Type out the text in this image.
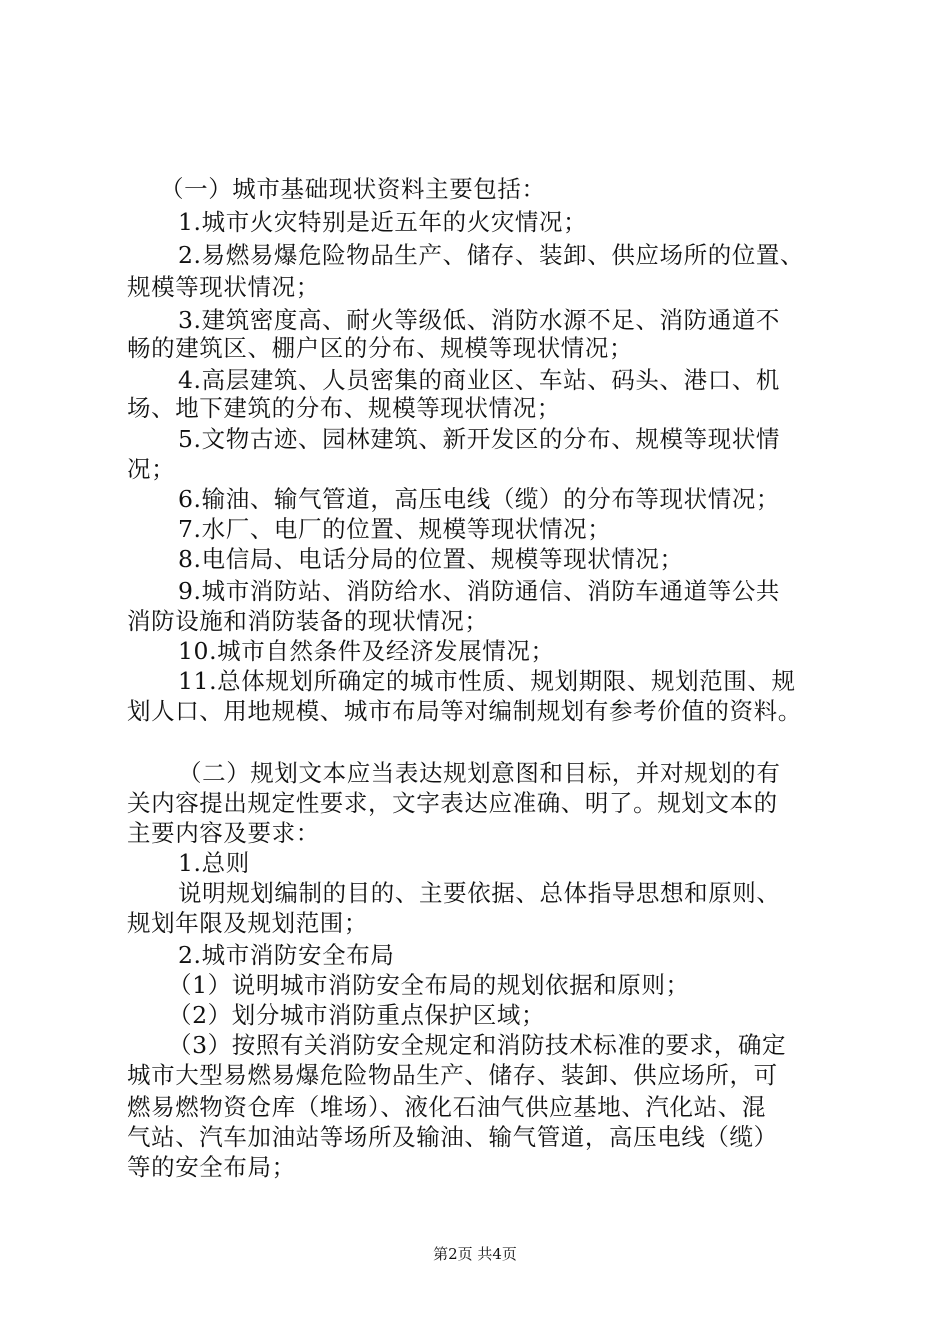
（一）城市基础现状资料主要包括：
1.城市火灾特别是近五年的火灾情况；
2.易燃易爆危险物品生产、储存、装卸、供应场所的位置、
规模等现状情况；
3.建筑密度高、耐火等级低、消防水源不足、消防通道不
畅的建筑区、棚户区的分布、规模等现状情况；
4.高层建筑、人员密集的商业区、车站、码头、港口、机
场、地下建筑的分布、规模等现状情况；
5.文物古迹、园林建筑、新开发区的分布、规模等现状情
况；
6.输油、输气管道，高压电线（缆）的分布等现状情况；
7.水厂、电厂的位置、规模等现状情况；
8.电信局、电话分局的位置、规模等现状情况；
9.城市消防站、消防给水、消防通信、消防车通道等公共
消防设施和消防装备的现状情况；
10.城市自然条件及经济发展情况；
11.总体规划所确定的城市性质、规划期限、规划范围、规
划人口、用地规模、城市布局等对编制规划有参考价值的资料。
（二）规划文本应当表达规划意图和目标，并对规划的有
关内容提出规定性要求，文字表达应准确、明了。规划文本的
主要内容及要求：
1.总则
说明规划编制的目的、主要依据、总体指导思想和原则、
规划年限及规划范围；
2.城市消防安全布局
（1）说明城市消防安全布局的规划依据和原则；
（2）划分城市消防重点保护区域；
（3）按照有关消防安全规定和消防技术标准的要求，确定
城市大型易燃易爆危险物品生产、储存、装卸、供应场所，可
燃易燃物资仓库（堆场）、液化石油气供应基地、汽化站、混
气站、汽车加油站等场所及输油、输气管道，高压电线（缆）
等的安全布局；
第2页 共4页
